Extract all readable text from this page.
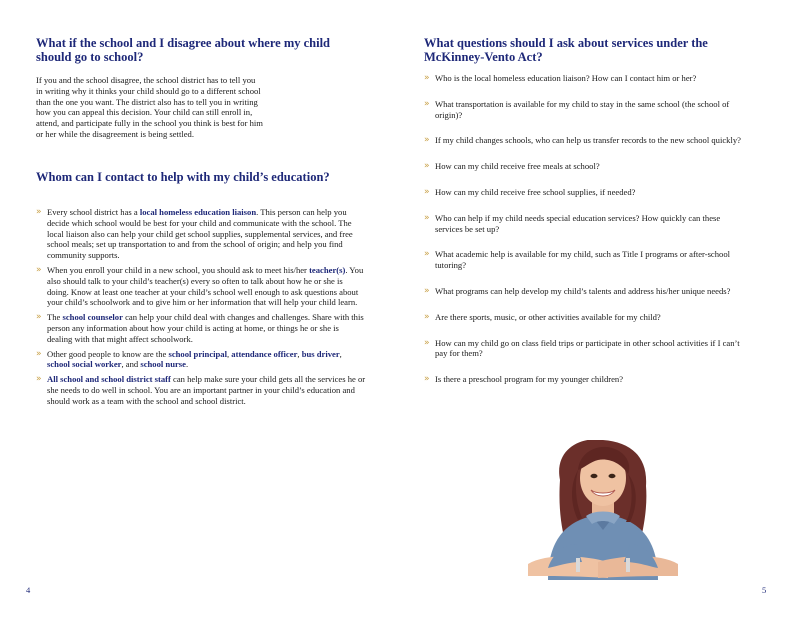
What if the school and I disagree about where my child should go to school?

If you and the school disagree, the school district has to tell you in writing why it thinks your child should go to a different school than the one you want. The district also has to tell you in writing how you can appeal this decision. Your child can still enroll in, attend, and participate fully in the school you think is best for him or her while the disagreement is being settled.

Whom can I contact to help with my child’s education?
» Every school district has a local homeless education liaison. This person can help you decide which school would be best for your child and communicate with the school. The local liaison also can help your child get school supplies, supplemental services, and free school meals; set up transportation to and from the school of origin; and help you find community supports.
» When you enroll your child in a new school, you should ask to meet his/her teacher(s). You also should talk to your child’s teacher(s) every so often to talk about how he or she is doing. Know at least one teacher at your child’s school well enough to ask questions about your child’s schoolwork and to give him or her information that will help your child learn.
» The school counselor can help your child deal with changes and challenges. Share with this person any information about how your child is acting at home, or things he or she is dealing with that might affect schoolwork.
» Other good people to know are the school principal, attendance officer, bus driver, school social worker, and school nurse.
» All school and school district staff can help make sure your child gets all the services he or she needs to do well in school. You are an important partner in your child’s education and should work as a team with the school and school district.
4
What questions should I ask about services under the McKinney-Vento Act?
» Who is the local homeless education liaison? How can I contact him or her?
» What transportation is available for my child to stay in the same school (the school of origin)?
» If my child changes schools, who can help us transfer records to the new school quickly?
» How can my child receive free meals at school?
» How can my child receive free school supplies, if needed?
» Who can help if my child needs special education services? How quickly can these services be set up?
» What academic help is available for my child, such as Title I programs or after-school tutoring?
» What programs can help develop my child’s talents and address his/her unique needs?
» Are there sports, music, or other activities available for my child?
» How can my child go on class field trips or participate in other school activities if I can’t pay for them?
» Is there a preschool program for my younger children?
5
